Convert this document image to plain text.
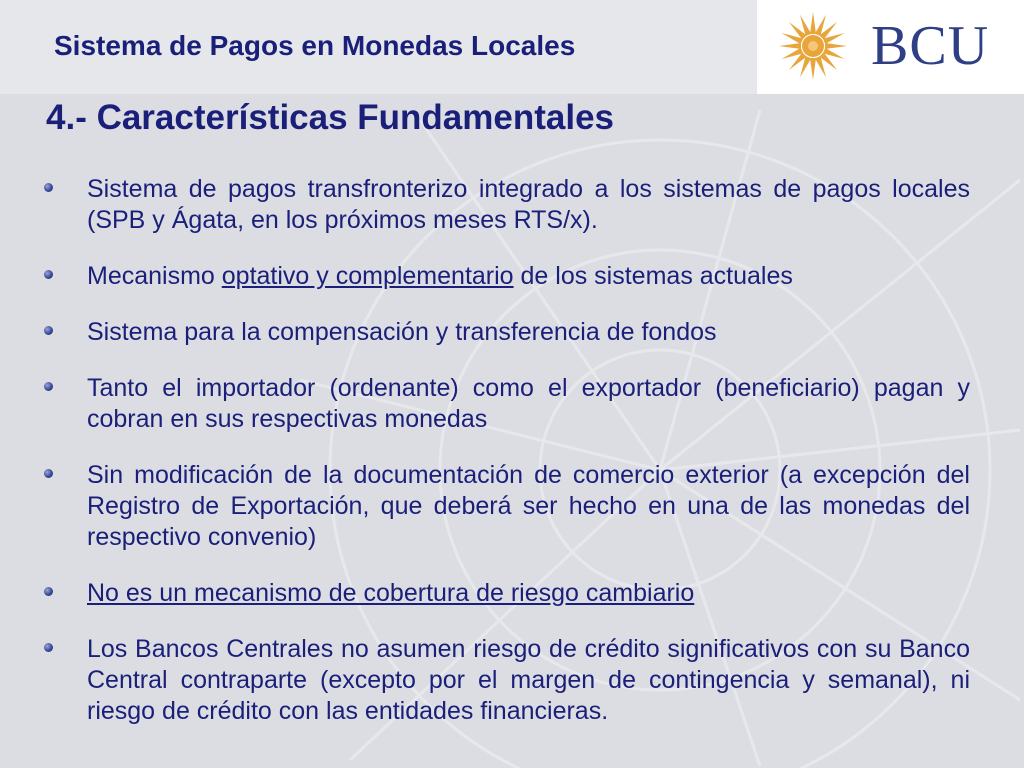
Sistema de Pagos en Monedas Locales	BCU
4.- Características Fundamentales
Sistema de pagos transfronterizo integrado a los sistemas de pagos locales (SPB y Ágata, en los próximos meses RTS/x).
Mecanismo optativo y complementario de los sistemas actuales
Sistema para la compensación y transferencia de fondos
Tanto el importador (ordenante) como el exportador (beneficiario) pagan y cobran en sus respectivas monedas
Sin modificación de la documentación de comercio exterior (a excepción del Registro de Exportación, que deberá ser hecho en una de las monedas del respectivo convenio)
No es un mecanismo de cobertura de riesgo cambiario
Los Bancos Centrales no asumen riesgo de crédito significativos con su Banco Central contraparte (excepto por el margen de contingencia y semanal), ni riesgo de crédito con las entidades financieras.
